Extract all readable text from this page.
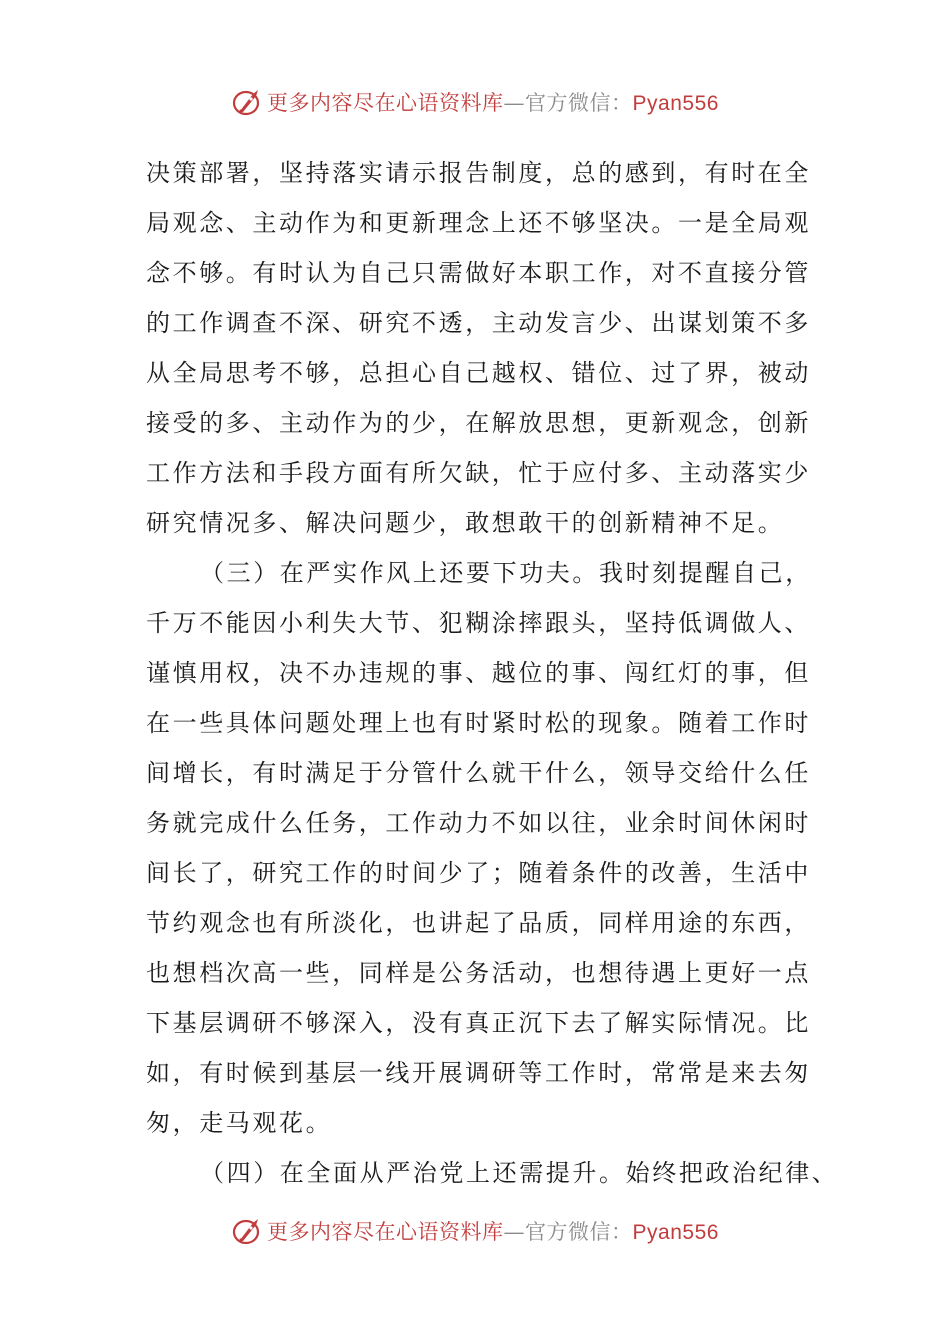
更多内容尽在心语资料库—官方微信：Pyan556
决策部署，坚持落实请示报告制度，总的感到，有时在全
局观念、主动作为和更新理念上还不够坚决。一是全局观
念不够。有时认为自己只需做好本职工作，对不直接分管
的工作调查不深、研究不透，主动发言少、出谋划策不多
从全局思考不够，总担心自己越权、错位、过了界，被动
接受的多、主动作为的少，在解放思想，更新观念，创新
工作方法和手段方面有所欠缺，忙于应付多、主动落实少
研究情况多、解决问题少，敢想敢干的创新精神不足。
（三）在严实作风上还要下功夫。我时刻提醒自己，
千万不能因小利失大节、犯糊涂摔跟头，坚持低调做人、
谨慎用权，决不办违规的事、越位的事、闯红灯的事，但
在一些具体问题处理上也有时紧时松的现象。随着工作时
间增长，有时满足于分管什么就干什么，领导交给什么任
务就完成什么任务，工作动力不如以往，业余时间休闲时
间长了，研究工作的时间少了；随着条件的改善，生活中
节约观念也有所淡化，也讲起了品质，同样用途的东西，
也想档次高一些，同样是公务活动，也想待遇上更好一点
下基层调研不够深入，没有真正沉下去了解实际情况。比
如，有时候到基层一线开展调研等工作时，常常是来去匆
匆，走马观花。
（四）在全面从严治党上还需提升。始终把政治纪律、
更多内容尽在心语资料库—官方微信：Pyan556
